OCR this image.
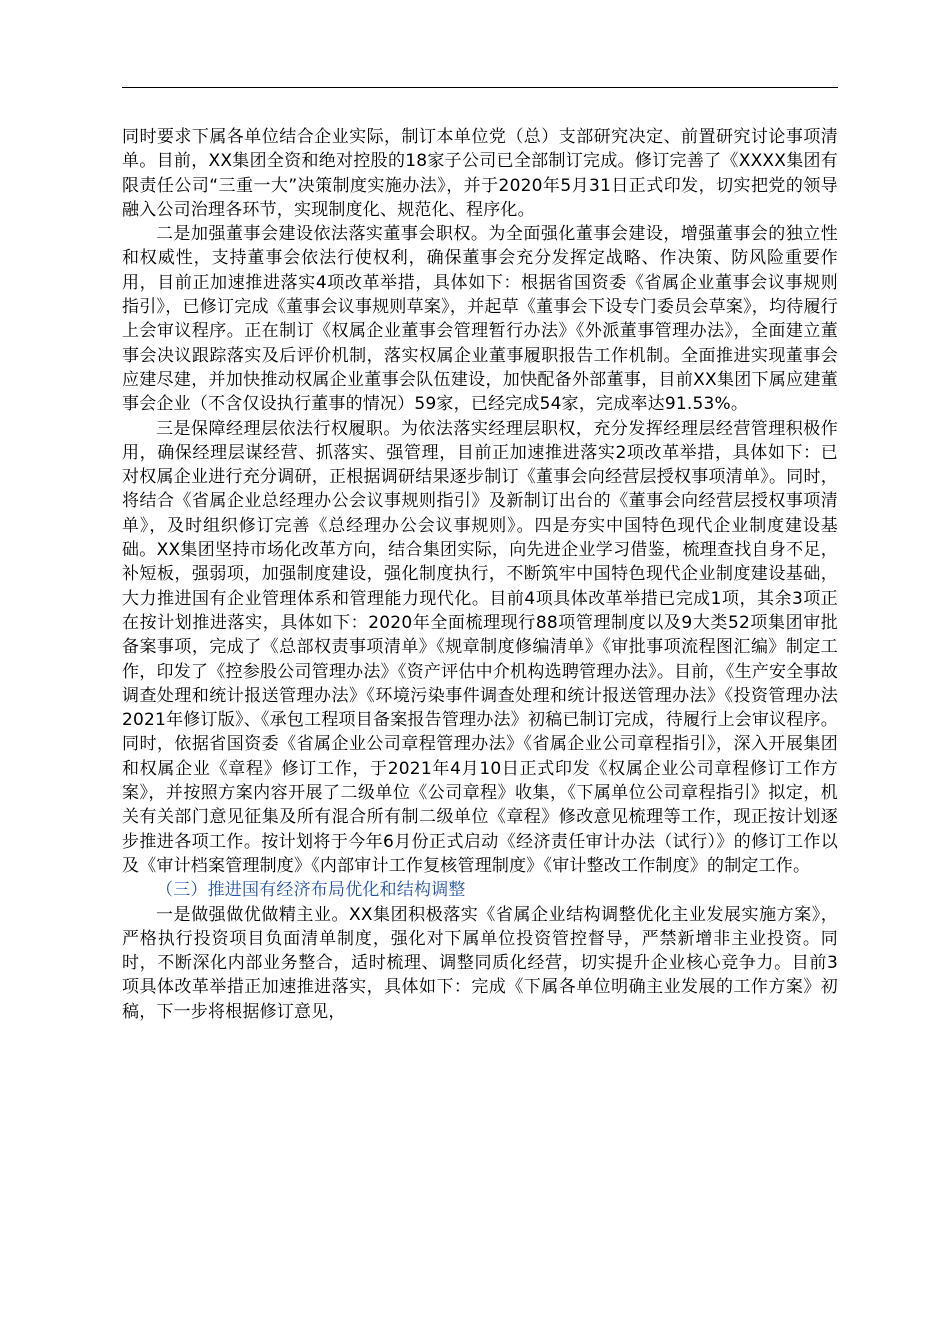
同时要求下属各单位结合企业实际，制订本单位党（总）支部研究决定、前置研究讨论事项清单。目前，XX集团全资和绝对控股的18家子公司已全部制订完成。修订完善了《XXXX集团有限责任公司“三重一大”决策制度实施办法》，并于2020年5月31日正式印发，切实把党的领导融入公司治理各环节，实现制度化、规范化、程序化。

二是加强董事会建设依法落实董事会职权。为全面强化董事会建设，增强董事会的独立性和权威性，支持董事会依法行使权利，确保董事会充分发挥定战略、作决策、防风险重要作用，目前正加速推进落实4项改革举措，具体如下：根据省国资委《省属企业董事会议事规则指引》，已修订完成《董事会议事规则草案》，并起草《董事会下设专门委员会草案》，均待履行上会审议程序。正在制订《权属企业董事会管理暂行办法》《外派董事管理办法》，全面建立董事会决议跟踪落实及后评价机制，落实权属企业董事履职报告工作机制。全面推进实现董事会应建尽建，并加快推动权属企业董事会队伍建设，加快配备外部董事，目前XX集团下属应建董事会企业（不含仅设执行董事的情况）59家，已经完成54家，完成率达91.53%。

三是保障经理层依法行权履职。为依法落实经理层职权，充分发挥经理层经营管理积极作用，确保经理层谋经营、抓落实、强管理，目前正加速推进落实2项改革举措，具体如下：已对权属企业进行充分调研，正根据调研结果逐步制订《董事会向经营层授权事项清单》。同时，将结合《省属企业总经理办公会议事规则指引》及新制订出台的《董事会向经营层授权事项清单》，及时组织修订完善《总经理办公会议事规则》。四是夯实中国特色现代企业制度建设基础。XX集团坚持市场化改革方向，结合集团实际，向先进企业学习借鉴，梳理查找自身不足，补短板，强弱项，加强制度建设，强化制度执行，不断筑牢中国特色现代企业制度建设基础，大力推进国有企业管理体系和管理能力现代化。目前4项具体改革举措已完成1项，其余3项正在按计划推进落实，具体如下：2020年全面梳理现行88项管理制度以及9大类52项集团审批备案事项，完成了《总部权责事项清单》《规章制度修编清单》《审批事项流程图汇编》制定工作，印发了《控参股公司管理办法》《资产评估中介机构选聘管理办法》。目前，《生产安全事故调查处理和统计报送管理办法》《环境污染事件调查处理和统计报送管理办法》《投资管理办法2021年修订版》、《承包工程项目备案报告管理办法》初稿已制订完成，待履行上会审议程序。同时，依据省国资委《省属企业公司章程管理办法》《省属企业公司章程指引》，深入开展集团和权属企业《章程》修订工作，于2021年4月10日正式印发《权属企业公司章程修订工作方案》，并按照方案内容开展了二级单位《公司章程》收集，《下属单位公司章程指引》拟定，机关有关部门意见征集及所有混合所有制二级单位《章程》修改意见梳理等工作，现正按计划逐步推进各项工作。按计划将于今年6月份正式启动《经济责任审计办法（试行）》的修订工作以及《审计档案管理制度》《内部审计工作复核管理制度》《审计整改工作制度》的制定工作。

（三）推进国有经济布局优化和结构调整

一是做强做优做精主业。XX集团积极落实《省属企业结构调整优化主业发展实施方案》，严格执行投资项目负面清单制度，强化对下属单位投资管控督导，严禁新增非主业投资。同时，不断深化内部业务整合，适时梳理、调整同质化经营，切实提升企业核心竞争力。目前3项具体改革举措正加速推进落实，具体如下：完成《下属各单位明确主业发展的工作方案》初稿，下一步将根据修订意见，
